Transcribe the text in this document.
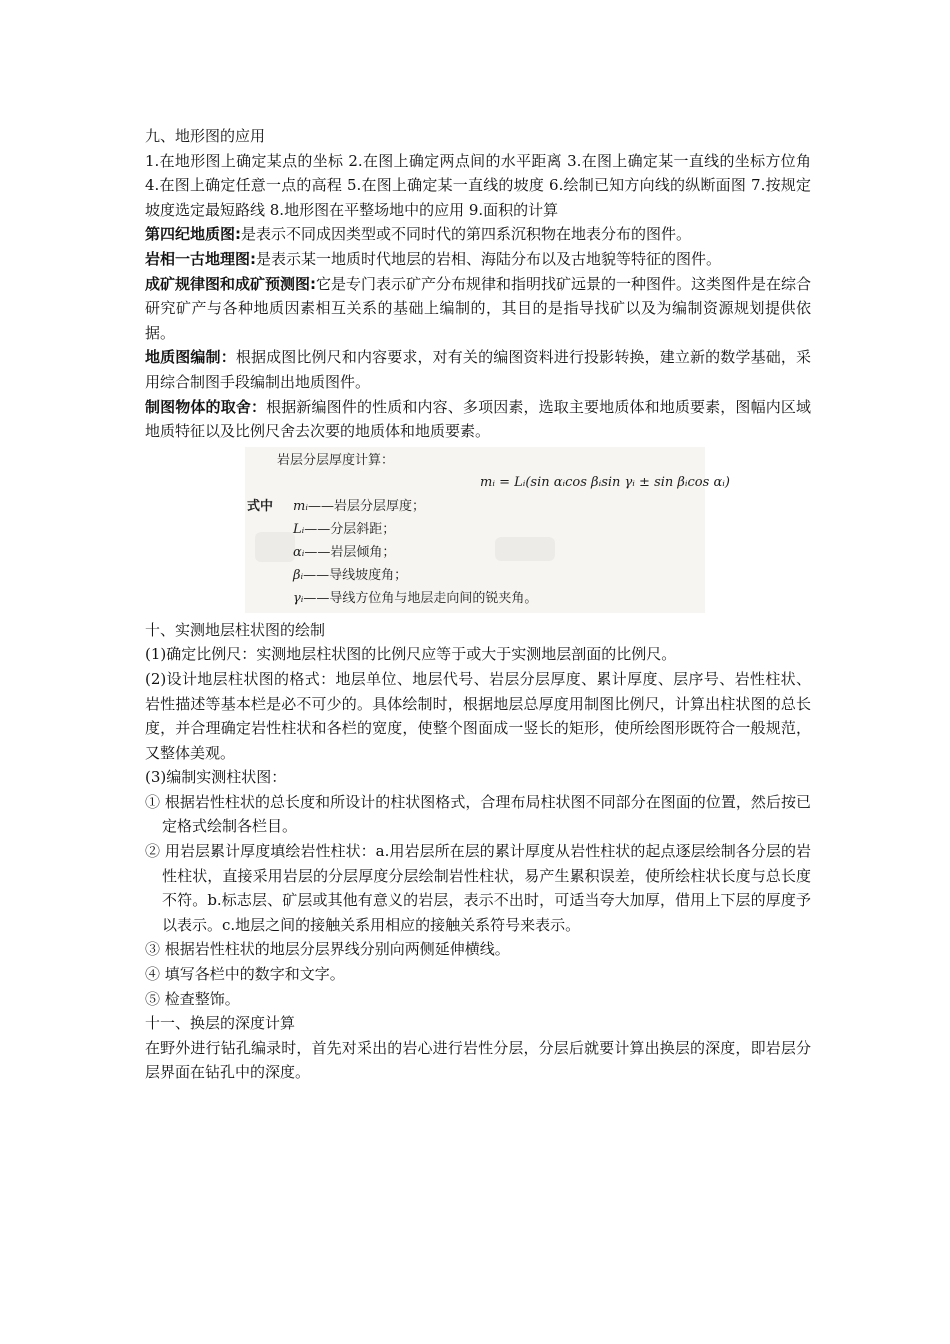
九、地形图的应用

1.在地形图上确定某点的坐标 2.在图上确定两点间的水平距离 3.在图上确定某一直线的坐标方位角 4.在图上确定任意一点的高程 5.在图上确定某一直线的坡度 6.绘制已知方向线的纵断面图 7.按规定坡度选定最短路线 8.地形图在平整场地中的应用 9.面积的计算

第四纪地质图:是表示不同成因类型或不同时代的第四系沉积物在地表分布的图件。

岩相一古地理图:是表示某一地质时代地层的岩相、海陆分布以及古地貌等特征的图件。

成矿规律图和成矿预测图:它是专门表示矿产分布规律和指明找矿远景的一种图件。这类图件是在综合研究矿产与各种地质因素相互关系的基础上编制的，其目的是指导找矿以及为编制资源规划提供依据。

地质图编制：根据成图比例尺和内容要求，对有关的编图资料进行投影转换，建立新的数学基础，采用综合制图手段编制出地质图件。

制图物体的取舍：根据新编图件的性质和内容、多项因素，选取主要地质体和地质要素，图幅内区域地质特征以及比例尺舍去次要的地质体和地质要素。

岩层分层厚度计算：
mᵢ = Lᵢ(sin αᵢcos βᵢsin γᵢ ± sin βᵢcos αᵢ)
式中 mᵢ——岩层分层厚度；
Lᵢ——分层斜距；
αᵢ——岩层倾角；
βᵢ——导线坡度角；
γᵢ——导线方位角与地层走向间的锐夹角。

十、实测地层柱状图的绘制

(1)确定比例尺：实测地层柱状图的比例尺应等于或大于实测地层剖面的比例尺。

(2)设计地层柱状图的格式：地层单位、地层代号、岩层分层厚度、累计厚度、层序号、岩性柱状、岩性描述等基本栏是必不可少的。具体绘制时，根据地层总厚度用制图比例尺，计算出柱状图的总长度，并合理确定岩性柱状和各栏的宽度，使整个图面成一竖长的矩形，使所绘图形既符合一般规范，又整体美观。

(3)编制实测柱状图：

① 根据岩性柱状的总长度和所设计的柱状图格式，合理布局柱状图不同部分在图面的位置，然后按已定格式绘制各栏目。

② 用岩层累计厚度填绘岩性柱状：a.用岩层所在层的累计厚度从岩性柱状的起点逐层绘制各分层的岩性柱状，直接采用岩层的分层厚度分层绘制岩性柱状，易产生累积误差，使所绘柱状长度与总长度不符。b.标志层、矿层或其他有意义的岩层，表示不出时，可适当夸大加厚，借用上下层的厚度予以表示。c.地层之间的接触关系用相应的接触关系符号来表示。

③ 根据岩性柱状的地层分层界线分别向两侧延伸横线。

④ 填写各栏中的数字和文字。

⑤ 检查整饰。

十一、换层的深度计算

在野外进行钻孔编录时，首先对采出的岩心进行岩性分层，分层后就要计算出换层的深度，即岩层分层界面在钻孔中的深度。
